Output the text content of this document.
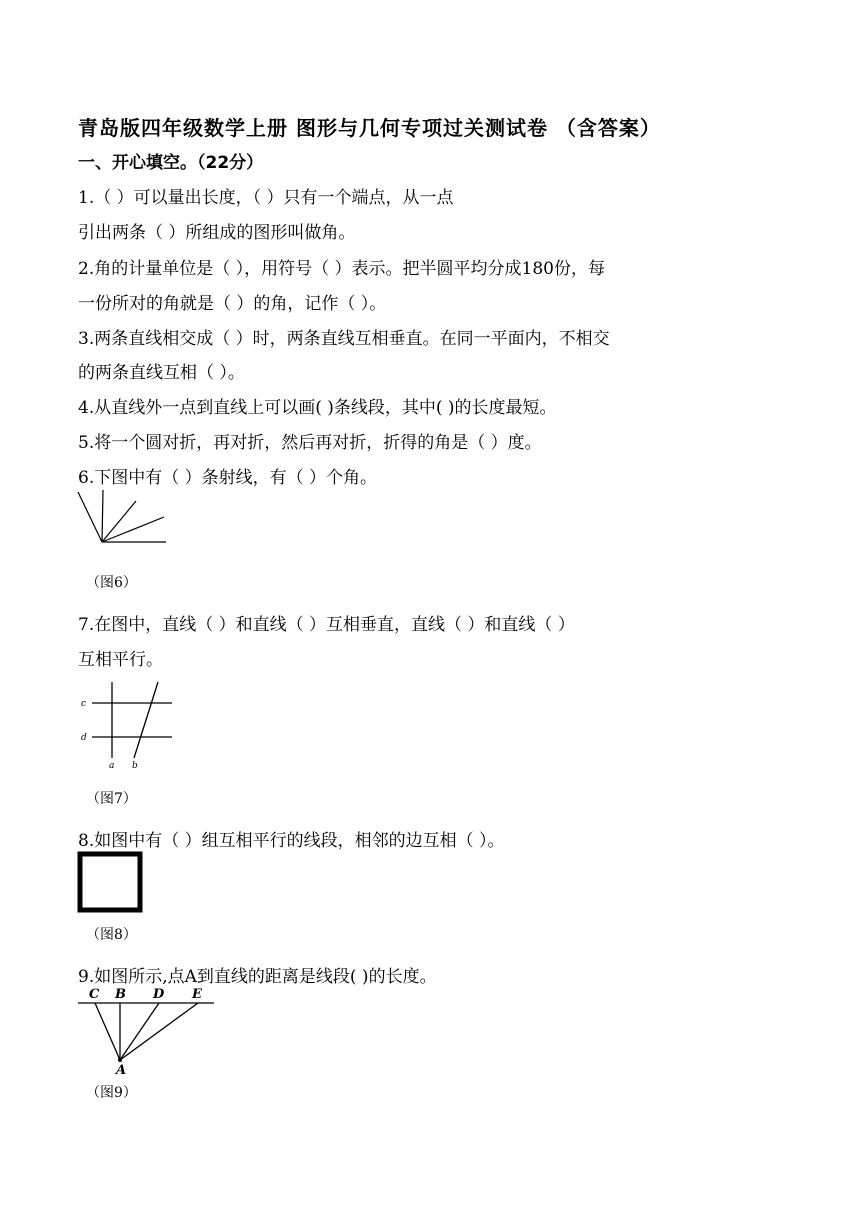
青岛版四年级数学上册 图形与几何专项过关测试卷 （含答案）
一、开心填空。（22分）
1.（ ）可以量出长度，（ ）只有一个端点，从一点
引出两条（ ）所组成的图形叫做角。
2.角的计量单位是（ ），用符号（ ）表示。把半圆平均分成180份，每
一份所对的角就是（ ）的角，记作（ ）。
3.两条直线相交成（ ）时，两条直线互相垂直。在同一平面内，不相交
的两条直线互相（ ）。
4.从直线外一点到直线上可以画( )条线段，其中( )的长度最短。
5.将一个圆对折，再对折，然后再对折，折得的角是（ ）度。
6.下图中有（ ）条射线，有（ ）个角。
（图6）
7.在图中，直线（ ）和直线（ ）互相垂直，直线（ ）和直线（ ）
互相平行。
c
d
a b
（图7）
8.如图中有（ ）组互相平行的线段，相邻的边互相（ ）。
（图8）
9.如图所示,点A到直线的距离是线段( )的长度。
C B D E
A
（图9）
